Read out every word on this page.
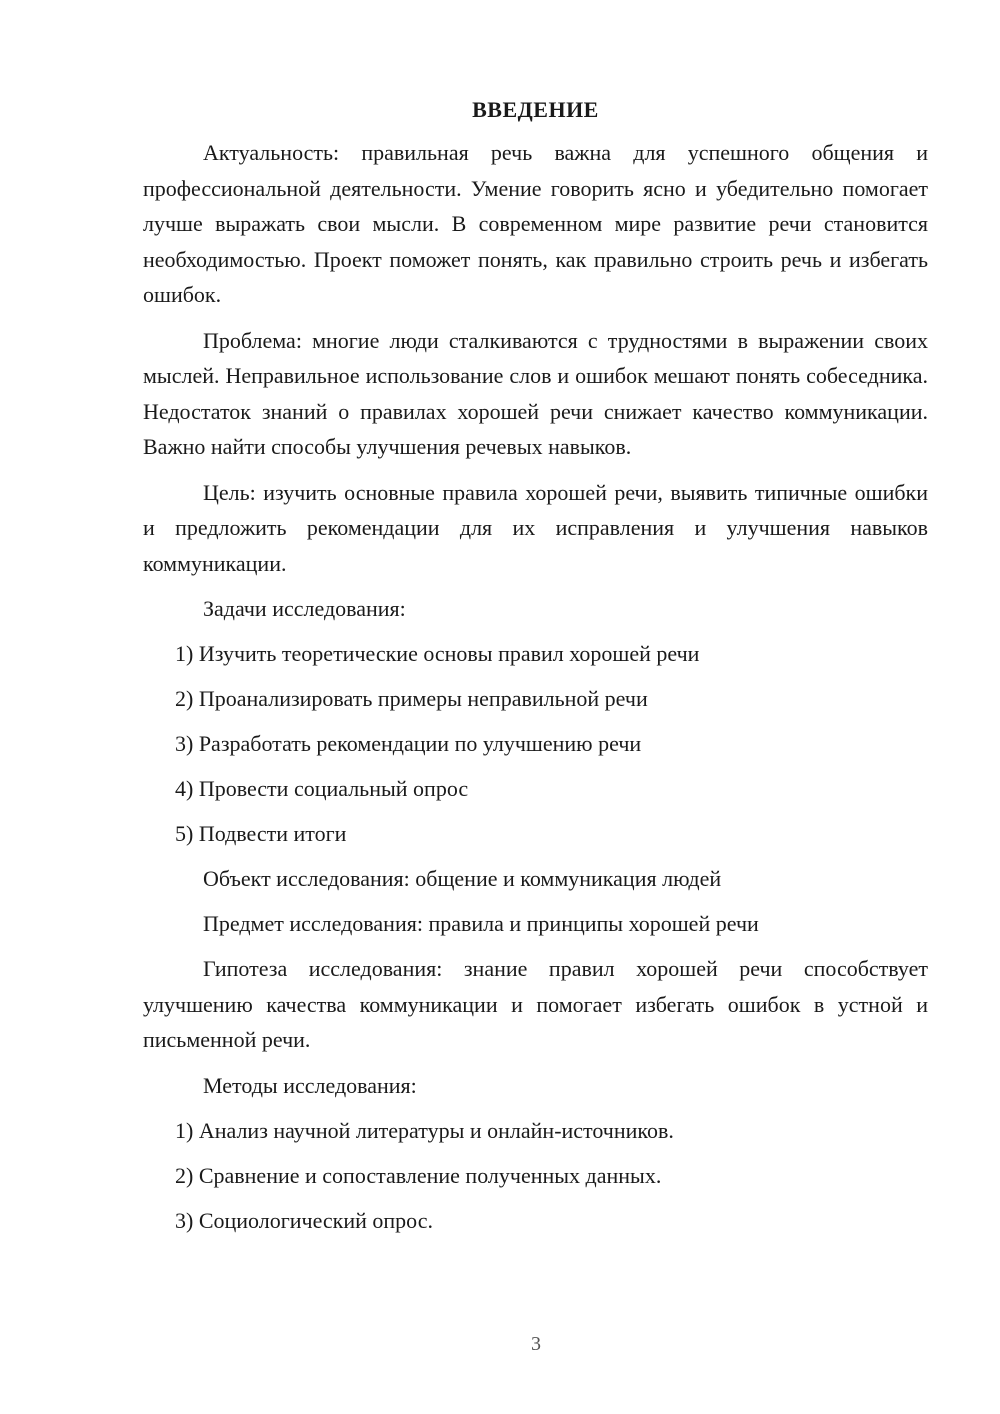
ВВЕДЕНИЕ

Актуальность: правильная речь важна для успешного общения и профессиональной деятельности. Умение говорить ясно и убедительно помогает лучше выражать свои мысли. В современном мире развитие речи становится необходимостью. Проект поможет понять, как правильно строить речь и избегать ошибок.

Проблема: многие люди сталкиваются с трудностями в выражении своих мыслей. Неправильное использование слов и ошибок мешают понять собеседника. Недостаток знаний о правилах хорошей речи снижает качество коммуникации. Важно найти способы улучшения речевых навыков.

Цель: изучить основные правила хорошей речи, выявить типичные ошибки и предложить рекомендации для их исправления и улучшения навыков коммуникации.

Задачи исследования:

1) Изучить теоретические основы правил хорошей речи
2) Проанализировать примеры неправильной речи
3) Разработать рекомендации по улучшению речи
4) Провести социальный опрос
5) Подвести итоги

Объект исследования: общение и коммуникация людей

Предмет исследования: правила и принципы хорошей речи

Гипотеза исследования: знание правил хорошей речи способствует улучшению качества коммуникации и помогает избегать ошибок в устной и письменной речи.

Методы исследования:

1) Анализ научной литературы и онлайн-источников.
2) Сравнение и сопоставление полученных данных.
3) Социологический опрос.
3
